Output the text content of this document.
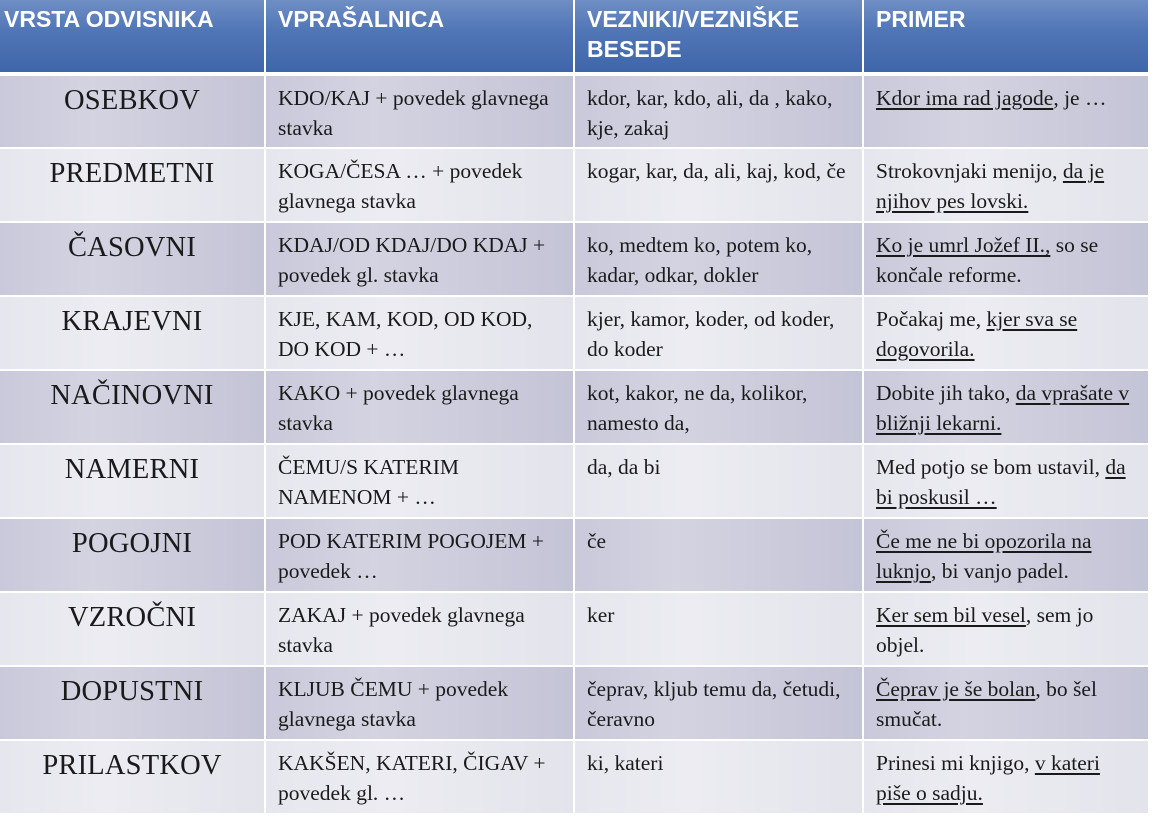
VRSTA ODVISNIKA	VPRAŠALNICA	VEZNIKI/VEZNIŠKE BESEDE	PRIMER
OSEBKOV	KDO/KAJ + povedek glavnega stavka	kdor, kar, kdo, ali, da , kako, kje, zakaj	Kdor ima rad jagode, je …
PREDMETNI	KOGA/ČESA … + povedek glavnega stavka	kogar, kar, da, ali, kaj, kod, če	Strokovnjaki menijo, da je njihov pes lovski.
ČASOVNI	KDAJ/OD KDAJ/DO KDAJ + povedek gl. stavka	ko, medtem ko, potem ko, kadar, odkar, dokler	Ko je umrl Jožef II., so se končale reforme.
KRAJEVNI	KJE, KAM, KOD, OD KOD, DO KOD + …	kjer, kamor, koder, od koder, do koder	Počakaj me, kjer sva se dogovorila.
NAČINOVNI	KAKO + povedek glavnega stavka	kot, kakor, ne da, kolikor, namesto da,	Dobite jih tako, da vprašate v bližnji lekarni.
NAMERNI	ČEMU/S KATERIM NAMENOM + …	da, da bi	Med potjo se bom ustavil, da bi poskusil …
POGOJNI	POD KATERIM POGOJEM + povedek …	če	Če me ne bi opozorila na luknjo, bi vanjo padel.
VZROČNI	ZAKAJ + povedek glavnega stavka	ker	Ker sem bil vesel, sem jo objel.
DOPUSTNI	KLJUB ČEMU + povedek glavnega stavka	čeprav, kljub temu da, četudi, čeravno	Čeprav je še bolan, bo šel smučat.
PRILASTKOV	KAKŠEN, KATERI, ČIGAV + povedek gl. …	ki, kateri	Prinesi mi knjigo, v kateri piše o sadju.
